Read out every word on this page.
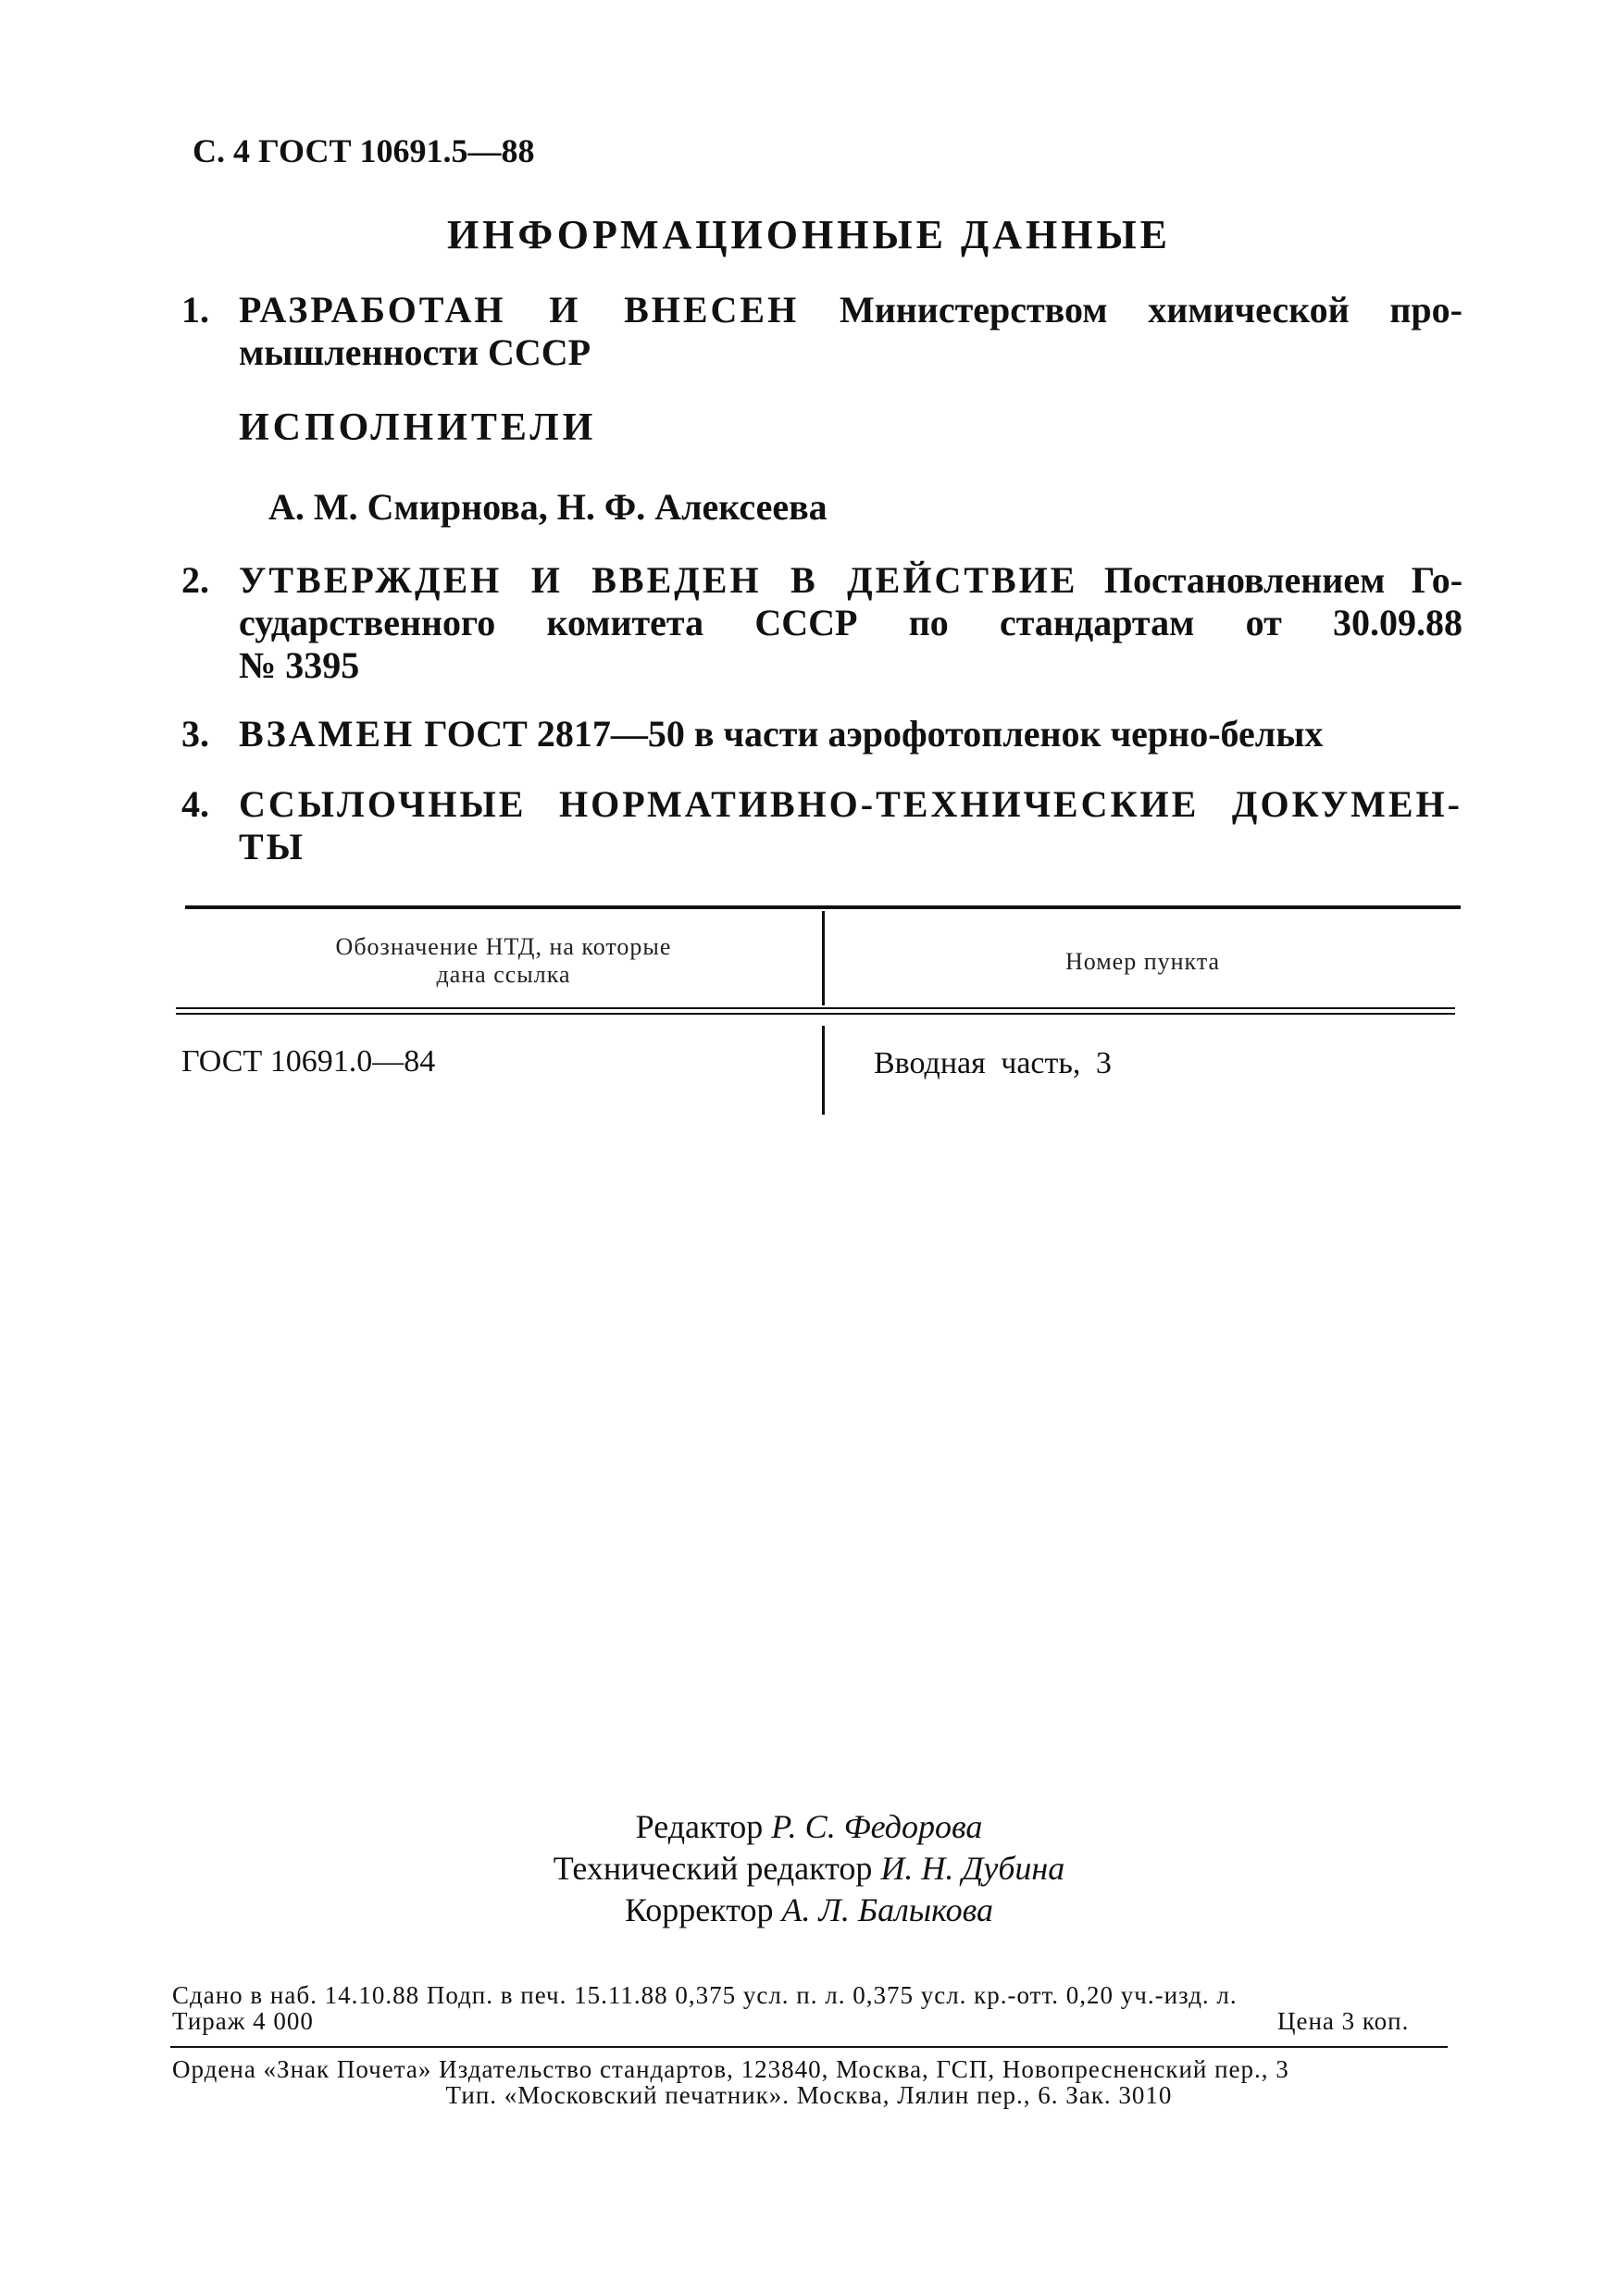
С. 4 ГОСТ 10691.5—88
ИНФОРМАЦИОННЫЕ ДАННЫЕ
1. РАЗРАБОТАН И ВНЕСЕН Министерством химической про-
мышленности СССР
ИСПОЛНИТЕЛИ
А. М. Смирнова, Н. Ф. Алексеева
2. УТВЕРЖДЕН И ВВЕДЕН В ДЕЙСТВИЕ Постановлением Го-
сударственного комитета СССР по стандартам от 30.09.88
№ 3395
3. ВЗАМЕН ГОСТ 2817—50 в части аэрофотопленок черно-белых
4. ССЫЛОЧНЫЕ НОРМАТИВНО-ТЕХНИЧЕСКИЕ ДОКУМЕН-
ТЫ
Обозначение НТД, на которые
дана ссылка	Номер пункта
ГОСТ 10691.0—84	Вводная часть, 3
Редактор Р. С. Федорова
Технический редактор И. Н. Дубина
Корректор А. Л. Балыкова
Сдано в наб. 14.10.88 Подп. в печ. 15.11.88 0,375 усл. п. л. 0,375 усл. кр.-отт. 0,20 уч.-изд. л.
Тираж 4 000	Цена 3 коп.
Ордена «Знак Почета» Издательство стандартов, 123840, Москва, ГСП, Новопресненский пер., 3
Тип. «Московский печатник». Москва, Лялин пер., 6. Зак. 3010
